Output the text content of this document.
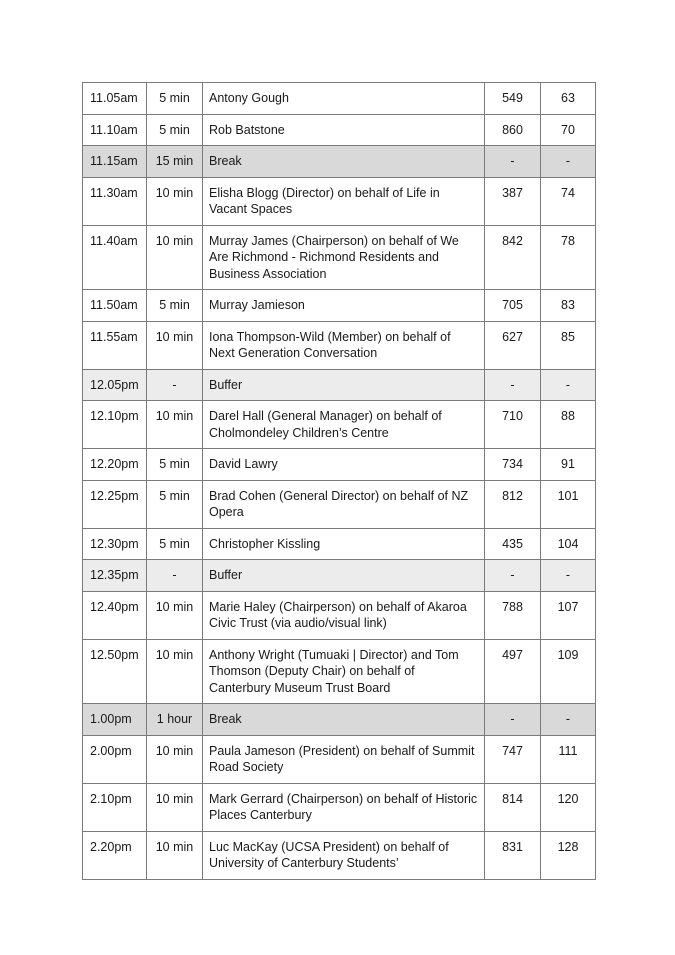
11.05am	5 min	Antony Gough	549	63
11.10am	5 min	Rob Batstone	860	70
11.15am	15 min	Break	-	-
11.30am	10 min	Elisha Blogg (Director) on behalf of Life in Vacant Spaces	387	74
11.40am	10 min	Murray James (Chairperson) on behalf of We Are Richmond - Richmond Residents and Business Association	842	78
11.50am	5 min	Murray Jamieson	705	83
11.55am	10 min	Iona Thompson-Wild (Member) on behalf of Next Generation Conversation	627	85
12.05pm	-	Buffer	-	-
12.10pm	10 min	Darel Hall (General Manager) on behalf of Cholmondeley Children’s Centre	710	88
12.20pm	5 min	David Lawry	734	91
12.25pm	5 min	Brad Cohen (General Director) on behalf of NZ Opera	812	101
12.30pm	5 min	Christopher Kissling	435	104
12.35pm	-	Buffer	-	-
12.40pm	10 min	Marie Haley (Chairperson) on behalf of Akaroa Civic Trust (via audio/visual link)	788	107
12.50pm	10 min	Anthony Wright (Tumuaki | Director) and Tom Thomson (Deputy Chair) on behalf of Canterbury Museum Trust Board	497	109
1.00pm	1 hour	Break	-	-
2.00pm	10 min	Paula Jameson (President) on behalf of Summit Road Society	747	111
2.10pm	10 min	Mark Gerrard (Chairperson) on behalf of Historic Places Canterbury	814	120
2.20pm	10 min	Luc MacKay (UCSA President) on behalf of University of Canterbury Students’	831	128
